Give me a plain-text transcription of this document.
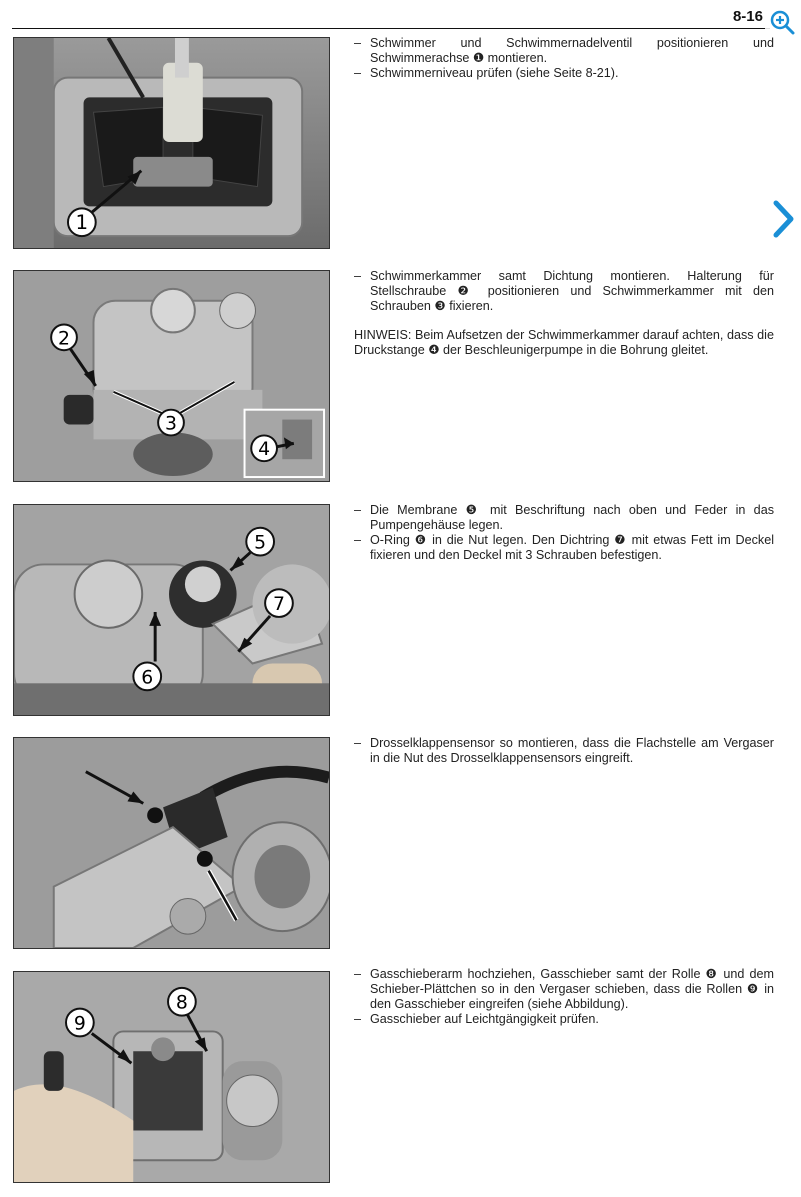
8-16
1
– Schwimmer und Schwimmernadelventil positionieren und Schwimmerachse ❶ montieren.
– Schwimmerniveau prüfen (siehe Seite 8-21).
2
3
4
– Schwimmerkammer samt Dichtung montieren. Halterung für Stellschraube ❷ positionieren und Schwimmerkammer mit den Schrauben ❸ fixieren.
HINWEIS: Beim Aufsetzen der Schwimmerkammer darauf achten, dass die Druckstange ❹ der Beschleunigerpumpe in die Bohrung gleitet.
5
6
7
– Die Membrane ❺ mit Beschriftung nach oben und Feder in das Pumpengehäuse legen.
– O-Ring ❻ in die Nut legen. Den Dichtring ❼ mit etwas Fett im Deckel fixieren und den Deckel mit 3 Schrauben befestigen.
– Drosselklappensensor so montieren, dass die Flachstelle am Vergaser in die Nut des Drosselklappensensors eingreift.
9
8
– Gasschieberarm hochziehen, Gasschieber samt der Rolle ❽ und dem Schieber-Plättchen so in den Vergaser schieben, dass die Rollen ❾ in den Gasschieber eingreifen (siehe Abbildung).
– Gasschieber auf Leichtgängigkeit prüfen.
